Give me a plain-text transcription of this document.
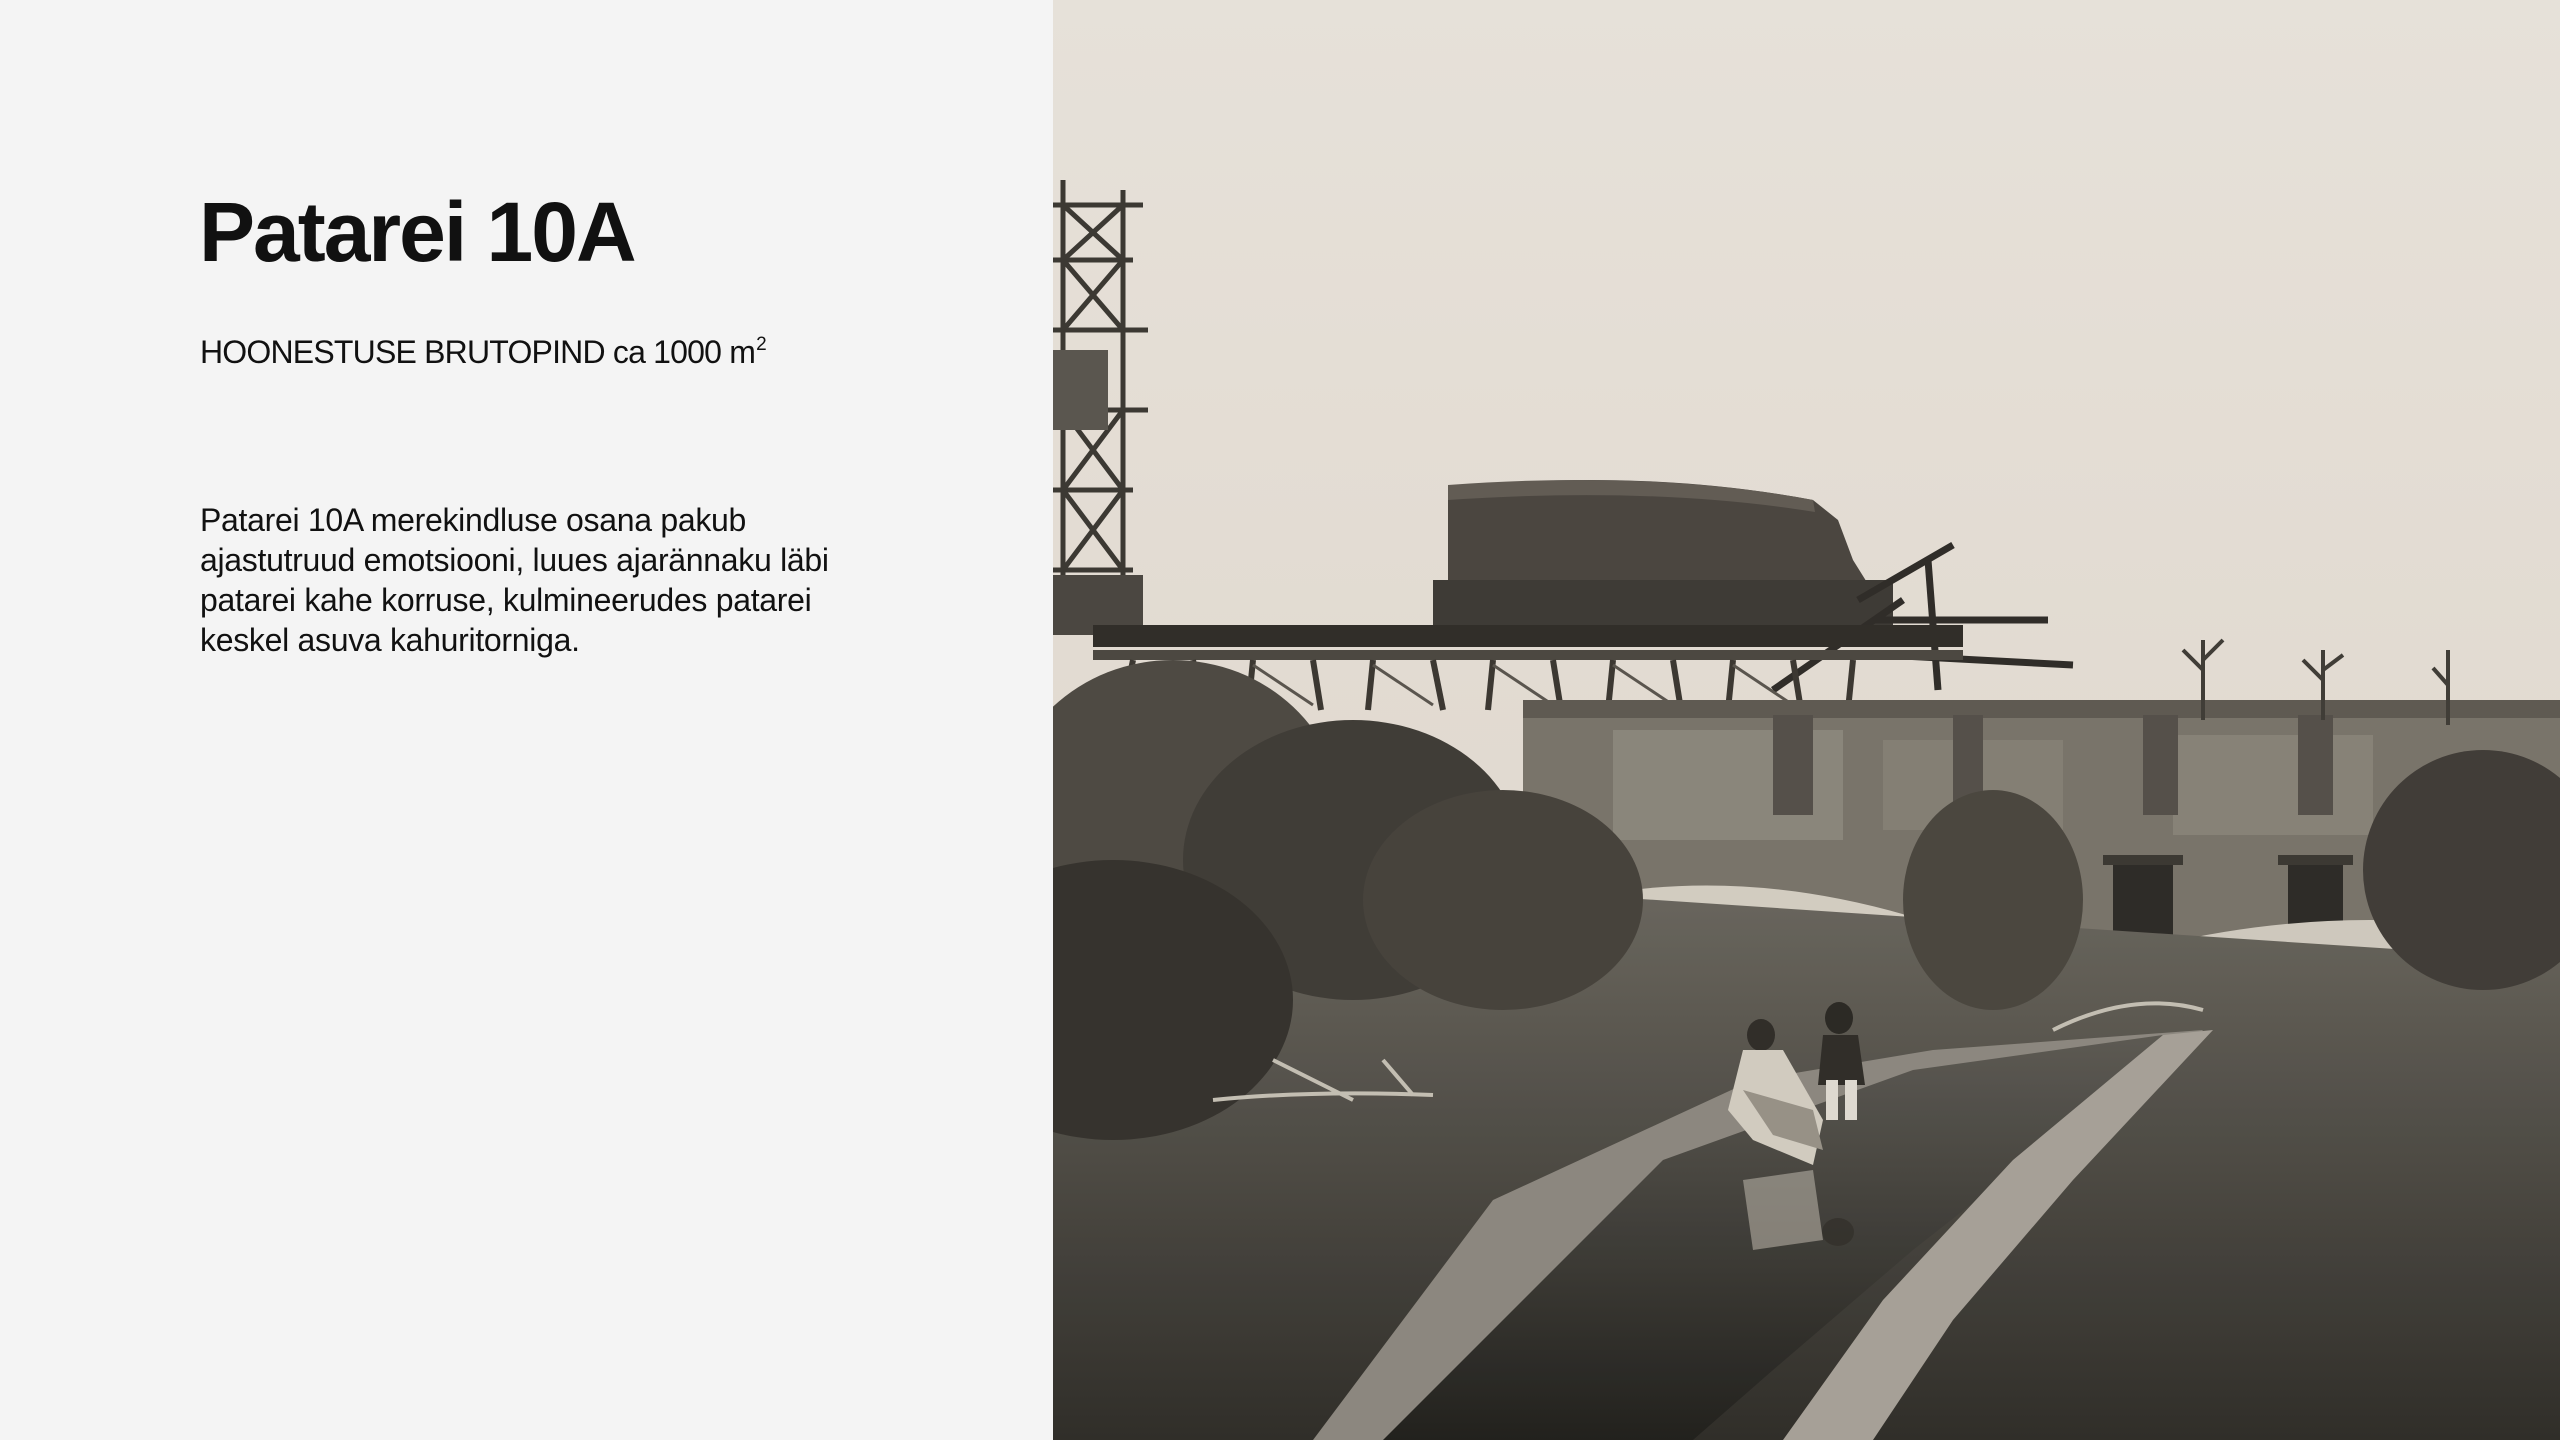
Patarei 10A
HOONESTUSE BRUTOPIND ca 1000 $m^2$

Patarei 10A merekindluse osana pakub ajastutruud emotsiooni, luues ajarännaku läbi patarei kahe korruse, kulmineerudes patarei keskel asuva kahuritorniga.
